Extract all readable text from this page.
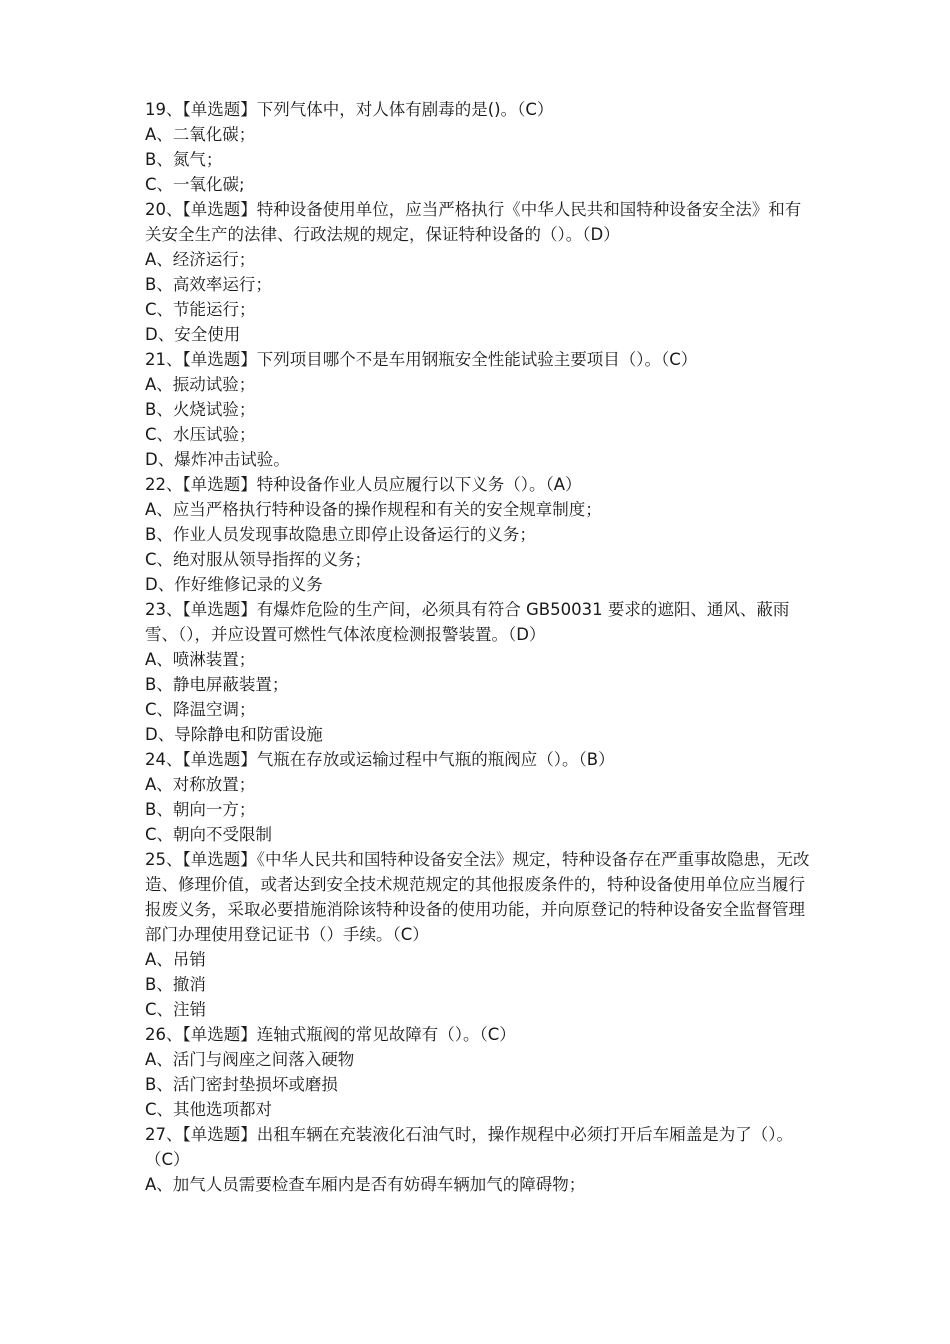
19、【单选题】下列气体中，对人体有剧毒的是()。（C）

A、二氧化碳；

B、氮气；

C、一氧化碳;

20、【单选题】特种设备使用单位，应当严格执行《中华人民共和国特种设备安全法》和有关安全生产的法律、行政法规的规定，保证特种设备的（）。（D）

A、经济运行；

B、高效率运行；

C、节能运行；

D、安全使用

21、【单选题】下列项目哪个不是车用钢瓶安全性能试验主要项目（）。（C）

A、振动试验；

B、火烧试验；

C、水压试验；

D、爆炸冲击试验。

22、【单选题】特种设备作业人员应履行以下义务（）。（A）

A、应当严格执行特种设备的操作规程和有关的安全规章制度；

B、作业人员发现事故隐患立即停止设备运行的义务；

C、绝对服从领导指挥的义务；

D、作好维修记录的义务

23、【单选题】有爆炸危险的生产间，必须具有符合 GB50031 要求的遮阳、通风、蔽雨雪、（），并应设置可燃性气体浓度检测报警装置。（D）

A、喷淋装置；

B、静电屏蔽装置；

C、降温空调；

D、导除静电和防雷设施

24、【单选题】气瓶在存放或运输过程中气瓶的瓶阀应（）。（B）

A、对称放置；

B、朝向一方；

C、朝向不受限制

25、【单选题】《中华人民共和国特种设备安全法》规定，特种设备存在严重事故隐患，无改造、修理价值，或者达到安全技术规范规定的其他报废条件的，特种设备使用单位应当履行报废义务，采取必要措施消除该特种设备的使用功能，并向原登记的特种设备安全监督管理部门办理使用登记证书（）手续。（C）

A、吊销

B、撤消

C、注销

26、【单选题】连轴式瓶阀的常见故障有（）。（C）

A、活门与阀座之间落入硬物

B、活门密封垫损坏或磨损

C、其他选项都对

27、【单选题】出租车辆在充装液化石油气时，操作规程中必须打开后车厢盖是为了（）。（C）

A、加气人员需要检查车厢内是否有妨碍车辆加气的障碍物；
